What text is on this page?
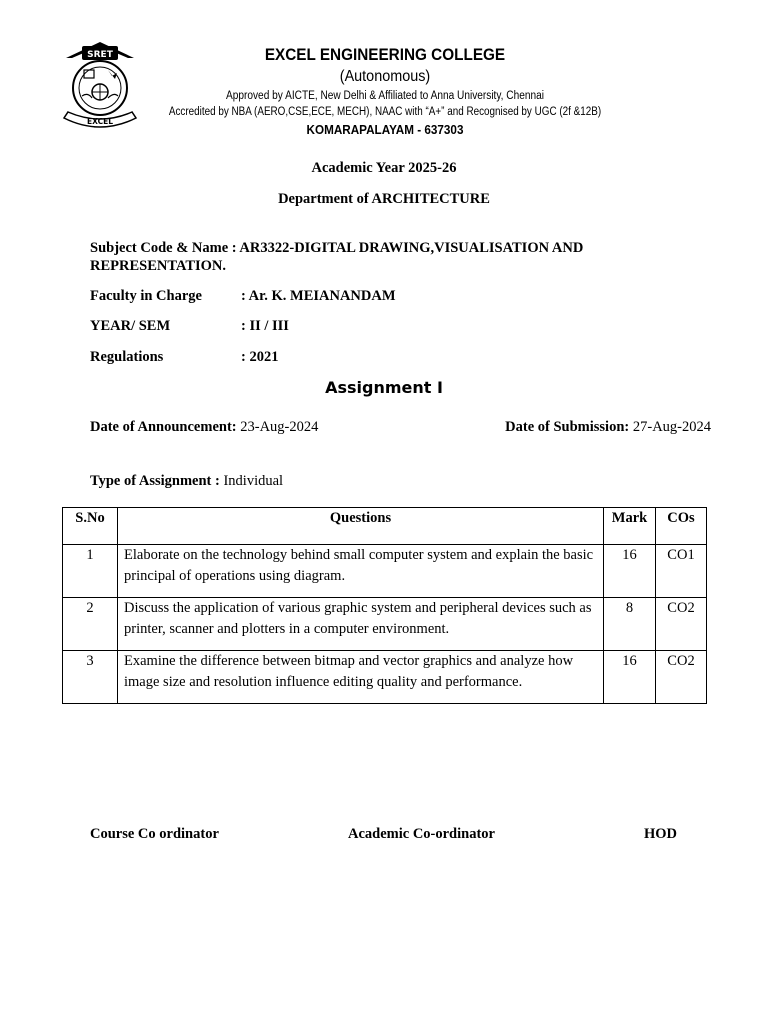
SRET
EXCEL
EXCEL ENGINEERING COLLEGE
(Autonomous)
Approved by AICTE, New Delhi & Affiliated to Anna University, Chennai
Accredited by NBA (AERO,CSE,ECE, MECH), NAAC with “A+” and Recognised by UGC (2f &12B)
KOMARAPALAYAM - 637303
Academic Year 2025-26
Department of ARCHITECTURE
Subject Code & Name : AR3322-DIGITAL DRAWING,VISUALISATION AND REPRESENTATION.
Faculty in Charge	: Ar. K. MEIANANDAM
YEAR/ SEM	: II / III
Regulations	: 2021
Assignment I
Date of Announcement: 23-Aug-2024	Date of Submission: 27-Aug-2024
Type of Assignment : Individual
S.No	Questions	Mark	COs
1	Elaborate on the technology behind small computer system and explain the basic principal of operations using diagram.	16	CO1
2	Discuss the application of various graphic system and peripheral devices such as printer, scanner and plotters in a computer environment.	8	CO2
3	Examine the difference between bitmap and vector graphics and analyze how image size and resolution influence editing quality and performance.	16	CO2
Course Co ordinator	Academic Co-ordinator	HOD
